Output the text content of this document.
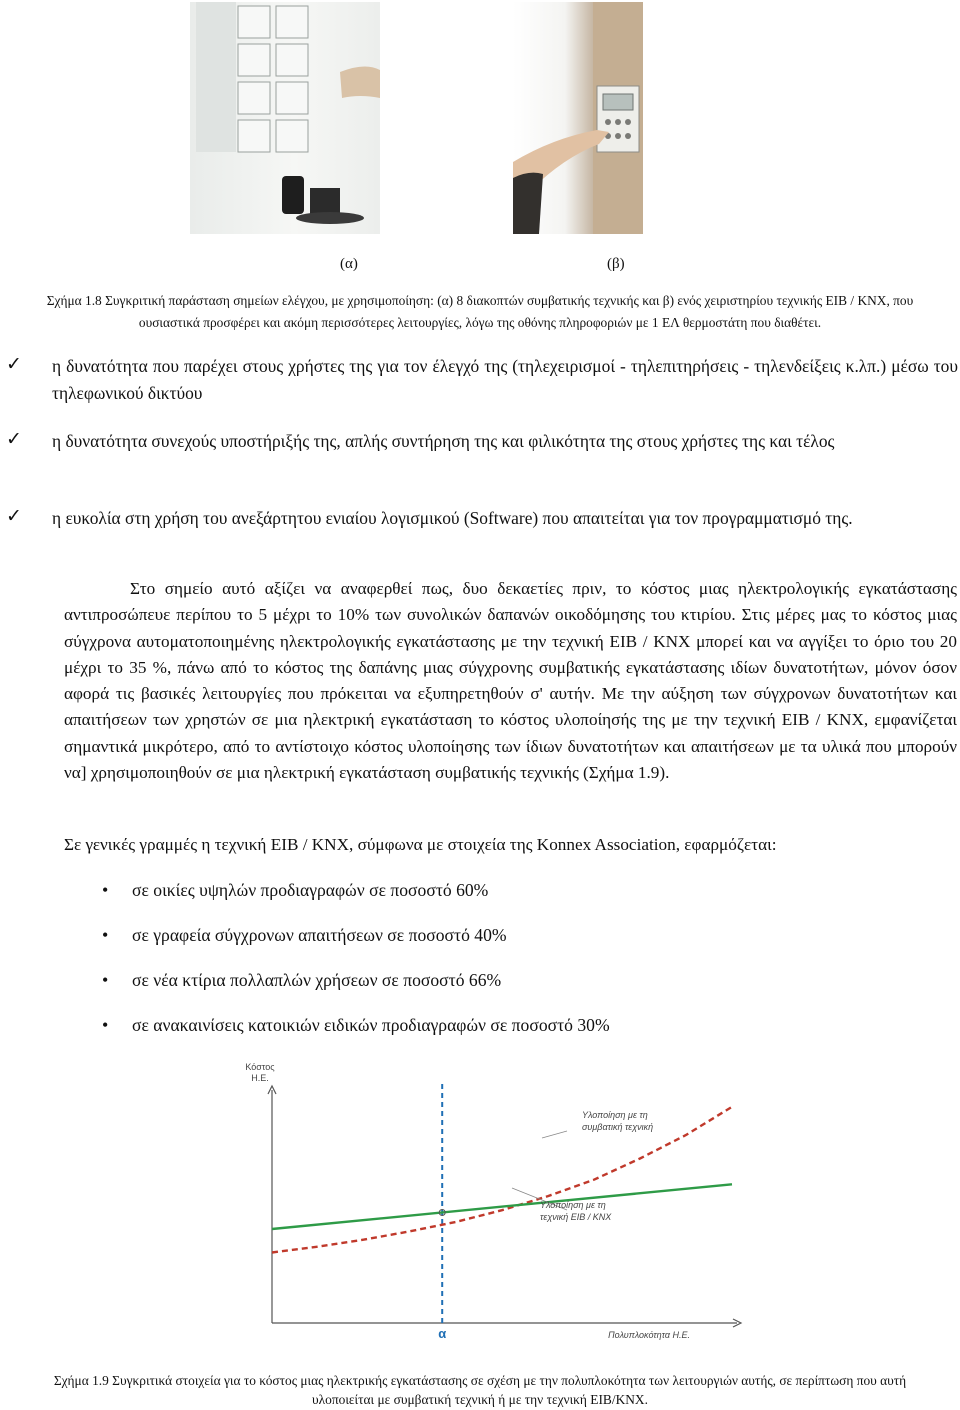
(α)	(β)
Σχήμα 1.8 Συγκριτική παράσταση σημείων ελέγχου, με χρησιμοποίηση: (α) 8 διακοπτών συμβατικής τεχνικής και β) ενός χειριστηρίου τεχνικής EIB / KNX, που
ουσιαστικά προσφέρει και ακόμη περισσότερες λειτουργίες, λόγω της οθόνης πληροφοριών με 1 ΕΛ θερμοστάτη που διαθέτει.
✓ η δυνατότητα που παρέχει στους χρήστες της για τον έλεγχό της (τηλεχειρισμοί - τηλεπιτηρήσεις - τηλενδείξεις κ.λπ.) μέσω του τηλεφωνικού δικτύου
✓ η δυνατότητα συνεχούς υποστήριξής της, απλής συντήρηση της και φιλικότητα της στους χρήστες της και τέλος
✓ η ευκολία στη χρήση του ανεξάρτητου ενιαίου λογισμικού (Software) που απαιτείται για τον προγραμματισμό της.

Στο σημείο αυτό αξίζει να αναφερθεί πως, δυο δεκαετίες πριν, το κόστος μιας ηλεκτρολογικής εγκατάστασης αντιπροσώπευε περίπου το 5 μέχρι το 10% των συνολικών δαπανών οικοδόμησης του κτιρίου. Στις μέρες μας το κόστος μιας σύγχρονα αυτοματοποιημένης ηλεκτρολογικής εγκατάστασης με την τεχνική EIB / KNX μπορεί και να αγγίξει το όριο του 20 μέχρι το 35 %, πάνω από το κόστος της δαπάνης μιας σύγχρονης συμβατικής εγκατάστασης ιδίων δυνατοτήτων, μόνον όσον αφορά τις βασικές λειτουργίες που πρόκειται να εξυπηρετηθούν σ' αυτήν. Με την αύξηση των σύγχρονων δυνατοτήτων και απαιτήσεων των χρηστών σε μια ηλεκτρική εγκατάσταση το κόστος υλοποίησής της με την τεχνική EIB / KNX, εμφανίζεται σημαντικά μικρότερο, από το αντίστοιχο κόστος υλοποίησης των ίδιων δυνατοτήτων και απαιτήσεων με τα υλικά που μπορούν να] χρησιμοποιηθούν σε μια ηλεκτρική εγκατάσταση συμβατικής τεχνικής (Σχήμα 1.9).

Σε γενικές γραμμές η τεχνική EIB / KNX, σύμφωνα με στοιχεία της Konnex Association, εφαρμόζεται:

• σε οικίες υψηλών προδιαγραφών σε ποσοστό 60%
• σε γραφεία σύγχρονων απαιτήσεων σε ποσοστό 40%
• σε νέα κτίρια πολλαπλών χρήσεων σε ποσοστό 66%
• σε ανακαινίσεις κατοικιών ειδικών προδιαγραφών σε ποσοστό 30%
Κόστος
Η.Ε.
Πολυπλοκότητα Η.Ε.
α
Υλοποίηση με τη
συμβατική τεχνική
Υλοποίηση με τη
τεχνική EIB / KNX
Σχήμα 1.9 Συγκριτικά στοιχεία για το κόστος μιας ηλεκτρικής εγκατάστασης σε σχέση με την πολυπλοκότητα των λειτουργιών αυτής, σε περίπτωση που αυτή
υλοποιείται με συμβατική τεχνική ή με την τεχνική EIB/KNX.
